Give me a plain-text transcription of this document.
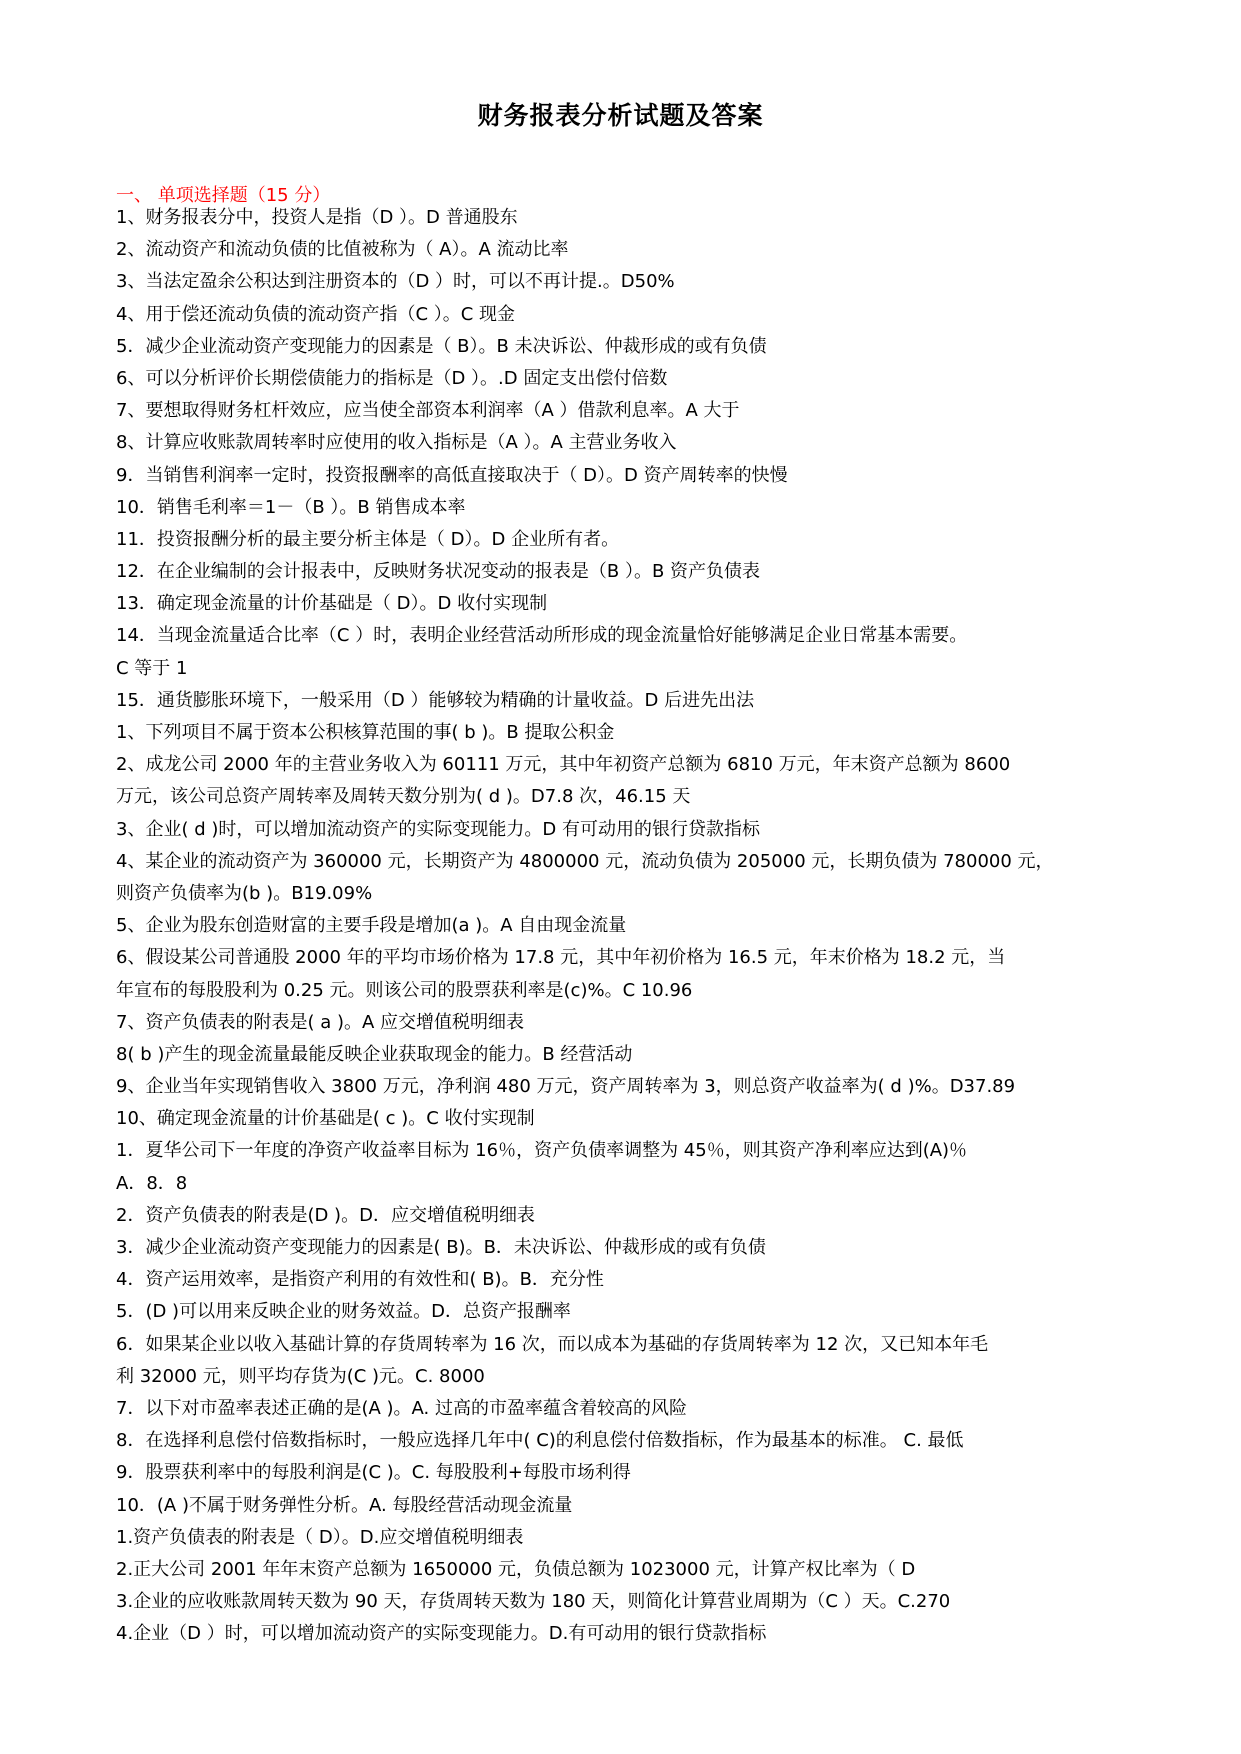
财务报表分析试题及答案
一、 单项选择题（15 分）
1、财务报表分中，投资人是指（D ）。D 普通股东
2、流动资产和流动负债的比值被称为（ A）。A 流动比率
3、当法定盈余公积达到注册资本的（D ）时，可以不再计提.。D50%
4、用于偿还流动负债的流动资产指（C ）。C 现金
5．减少企业流动资产变现能力的因素是（ B）。B 未决诉讼、仲裁形成的或有负债
6、可以分析评价长期偿债能力的指标是（D ）。.D 固定支出偿付倍数
7、要想取得财务杠杆效应，应当使全部资本利润率（A ）借款利息率。A 大于
8、计算应收账款周转率时应使用的收入指标是（A ）。A 主营业务收入
9．当销售利润率一定时，投资报酬率的高低直接取决于（ D）。D 资产周转率的快慢
10．销售毛利率＝1－（B ）。B 销售成本率
11．投资报酬分析的最主要分析主体是（ D）。D 企业所有者。
12．在企业编制的会计报表中，反映财务状况变动的报表是（B ）。B 资产负债表
13．确定现金流量的计价基础是（ D）。D 收付实现制
14．当现金流量适合比率（C ）时，表明企业经营活动所形成的现金流量恰好能够满足企业日常基本需要。
C 等于 1
15．通货膨胀环境下，一般采用（D ）能够较为精确的计量收益。D 后进先出法
1、下列项目不属于资本公积核算范围的事( b )。B 提取公积金
2、成龙公司 2000 年的主营业务收入为 60111 万元，其中年初资产总额为 6810 万元，年末资产总额为 8600
万元，该公司总资产周转率及周转天数分别为( d )。D7.8 次，46.15 天
3、企业( d )时，可以增加流动资产的实际变现能力。D 有可动用的银行贷款指标
4、某企业的流动资产为 360000 元，长期资产为 4800000 元，流动负债为 205000 元，长期负债为 780000 元，
则资产负债率为(b )。B19.09%
5、企业为股东创造财富的主要手段是增加(a )。A 自由现金流量
6、假设某公司普通股 2000 年的平均市场价格为 17.8 元，其中年初价格为 16.5 元，年末价格为 18.2 元，当
年宣布的每股股利为 0.25 元。则该公司的股票获利率是(c)%。C 10.96
7、资产负债表的附表是( a )。A 应交增值税明细表
8( b )产生的现金流量最能反映企业获取现金的能力。B 经营活动
9、企业当年实现销售收入 3800 万元，净利润 480 万元，资产周转率为 3，则总资产收益率为( d )%。D37.89
10、确定现金流量的计价基础是( c )。C 收付实现制
1．夏华公司下一年度的净资产收益率目标为 16％，资产负债率调整为 45％，则其资产净利率应达到(A)％
A．8．8
2．资产负债表的附表是(D )。D．应交增值税明细表
3．减少企业流动资产变现能力的因素是( B)。B．未决诉讼、仲裁形成的或有负债
4．资产运用效率，是指资产利用的有效性和( B)。B．充分性
5．(D )可以用来反映企业的财务效益。D．总资产报酬率
6．如果某企业以收入基础计算的存货周转率为 16 次，而以成本为基础的存货周转率为 12 次，又已知本年毛
利 32000 元，则平均存货为(C )元。C. 8000
7．以下对市盈率表述正确的是(A )。A. 过高的市盈率蕴含着较高的风险
8．在选择利息偿付倍数指标时，一般应选择几年中( C)的利息偿付倍数指标，作为最基本的标准。 C. 最低
9．股票获利率中的每股利润是(C )。C. 每股股利+每股市场利得
10．(A )不属于财务弹性分析。A. 每股经营活动现金流量
1.资产负债表的附表是（ D）。D.应交增值税明细表
2.正大公司 2001 年年末资产总额为 1650000 元，负债总额为 1023000 元，计算产权比率为（ D
3.企业的应收账款周转天数为 90 天，存货周转天数为 180 天，则简化计算营业周期为（C ）天。C.270
4.企业（D ）时，可以增加流动资产的实际变现能力。D.有可动用的银行贷款指标
